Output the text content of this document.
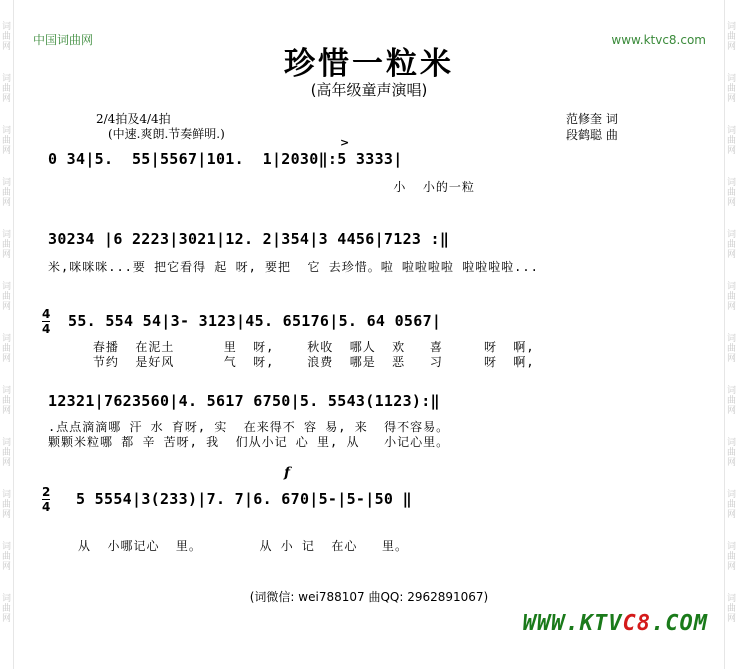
词
曲
网
词
曲
网
词
曲
网
词
曲
网
词
曲
网
词
曲
网
词
曲
网
词
曲
网
词
曲
网
词
曲
网
词
曲
网
词
曲
网
词
曲
网
词
曲
网
词
曲
网
词
曲
网
词
曲
网
词
曲
网
词
曲
网
词
曲
网
词
曲
网
词
曲
网
词
曲
网
词
曲
网
中国词曲网	www.ktvc8.com
珍惜一粒米
(高年级童声演唱)
2/4拍及4/4拍
(中速.爽朗.节奏鲜明.)
范修奎 词
段鹤聪 曲
>
0 34|5.  55|5567|101.  1|2030‖:5 3333|
小  小的一粒
30234 |6 2223|3021|12. 2|354|3 4456|7123 :‖
米,咪咪咪...要 把它看得 起 呀, 要把  它 去珍惜。啦 啦啦啦啦 啦啦啦啦...
4
4 55. 554 54|3- 3123|45. 65176|5. 64 0567|
春播  在泥土      里  呀,    秋收  哪人  欢   喜     呀  啊,
节约  是好风      气  呀,    浪费  哪是  恶   习     呀  啊,
12321|7623560|4. 5617 6750|5. 5543(1123):‖
.点点滴滴哪 汗 水 育呀, 实  在来得不 容 易, 来  得不容易。
颗颗米粒哪 都 辛 苦呀, 我  们从小记 心 里, 从   小记心里。
f
2
4 5 5554|3(233)|7. 7|6. 670|5-|5-|50 ‖
从  小哪记心  里。       从 小 记  在心   里。
(词微信: wei788107 曲QQ: 2962891067)
WWW.KTVC8.COM
